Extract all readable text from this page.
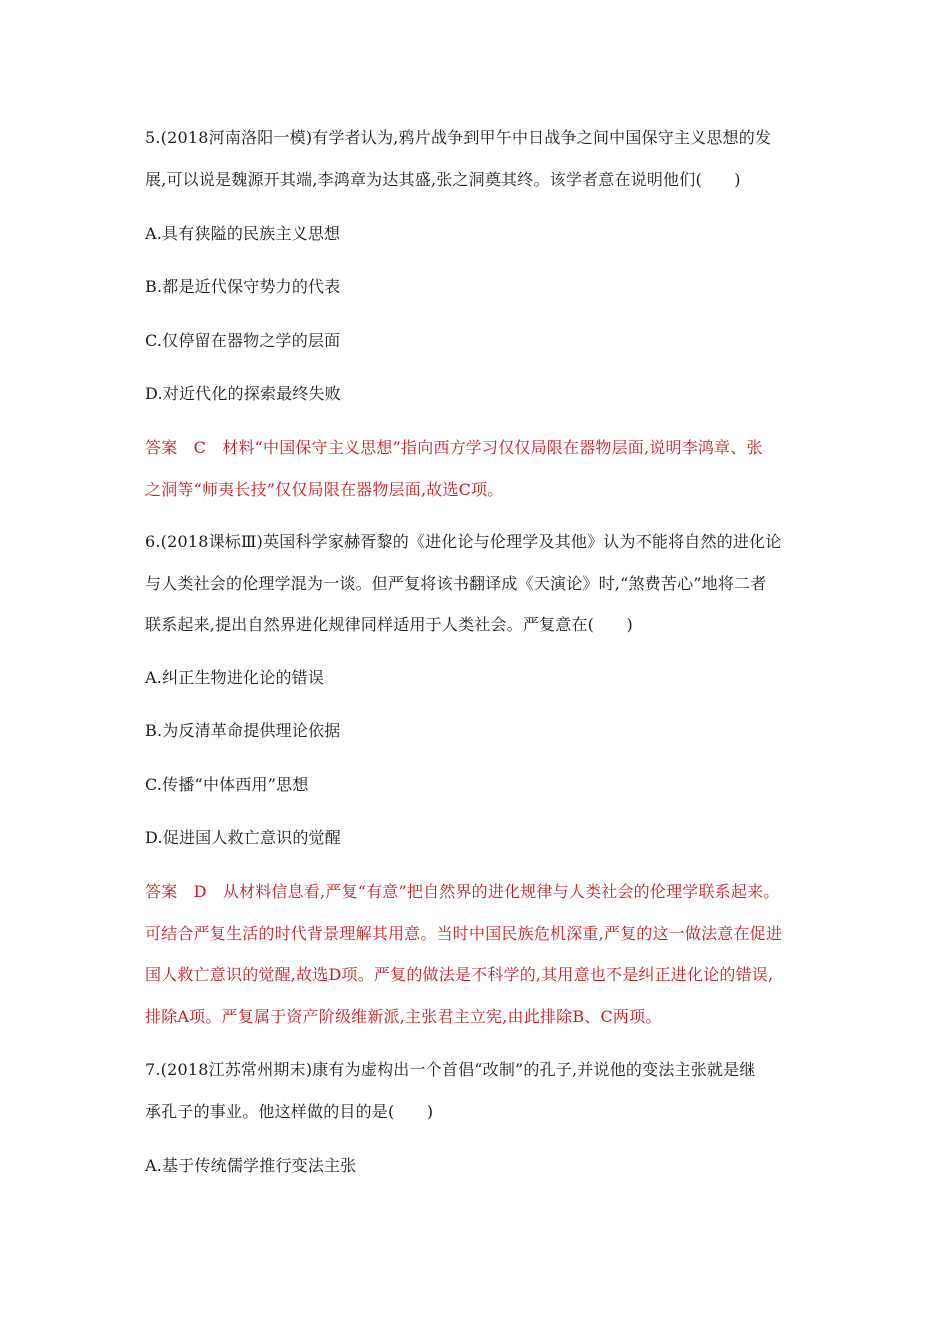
5.(2018河南洛阳一模)有学者认为,鸦片战争到甲午中日战争之间中国保守主义思想的发
展,可以说是魏源开其端,李鸿章为达其盛,张之洞奠其终。该学者意在说明他们(　　)
A.具有狭隘的民族主义思想
B.都是近代保守势力的代表
C.仅停留在器物之学的层面
D.对近代化的探索最终失败
答案　C　材料“中国保守主义思想”指向西方学习仅仅局限在器物层面,说明李鸿章、张
之洞等“师夷长技”仅仅局限在器物层面,故选C项。
6.(2018课标Ⅲ)英国科学家赫胥黎的《进化论与伦理学及其他》认为不能将自然的进化论
与人类社会的伦理学混为一谈。但严复将该书翻译成《天演论》时,“煞费苦心”地将二者
联系起来,提出自然界进化规律同样适用于人类社会。严复意在(　　)
A.纠正生物进化论的错误
B.为反清革命提供理论依据
C.传播“中体西用”思想
D.促进国人救亡意识的觉醒
答案　D　从材料信息看,严复“有意”把自然界的进化规律与人类社会的伦理学联系起来。
可结合严复生活的时代背景理解其用意。当时中国民族危机深重,严复的这一做法意在促进
国人救亡意识的觉醒,故选D项。严复的做法是不科学的,其用意也不是纠正进化论的错误,
排除A项。严复属于资产阶级维新派,主张君主立宪,由此排除B、C两项。
7.(2018江苏常州期末)康有为虚构出一个首倡“改制”的孔子,并说他的变法主张就是继
承孔子的事业。他这样做的目的是(　　)
A.基于传统儒学推行变法主张
